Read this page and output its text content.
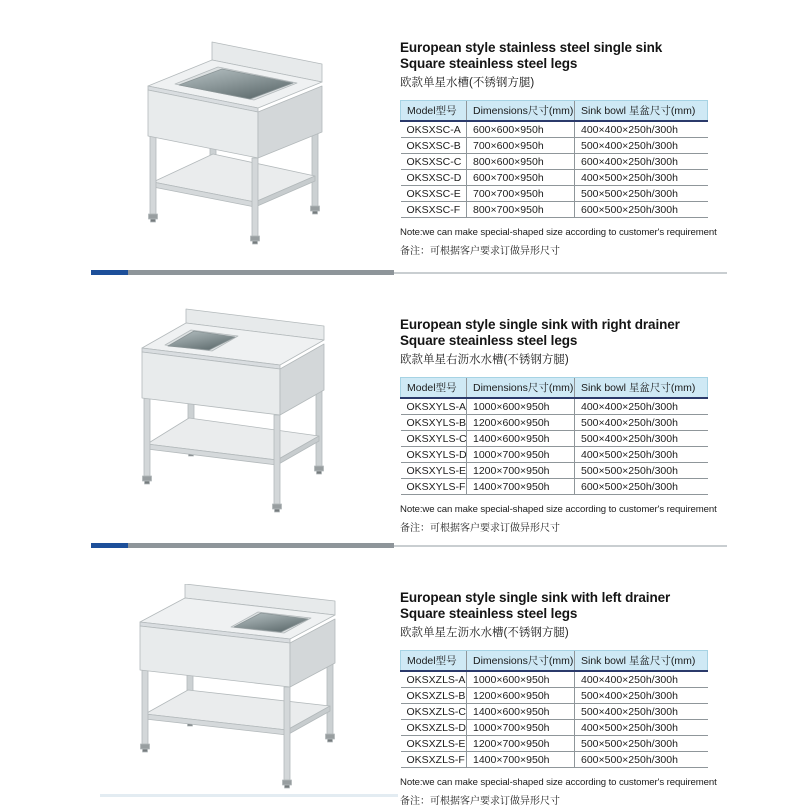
European style stainless steel single sink
Square steainless steel legs
欧款单星水槽(不锈钢方腿)
Model型号	Dimensions尺寸(mm)	Sink bowl 星盆尺寸(mm)
OKSXSC-A	600×600×950h	400×400×250h/300h
OKSXSC-B	700×600×950h	500×400×250h/300h
OKSXSC-C	800×600×950h	600×400×250h/300h
OKSXSC-D	600×700×950h	400×500×250h/300h
OKSXSC-E	700×700×950h	500×500×250h/300h
OKSXSC-F	800×700×950h	600×500×250h/300h
Note:we can make special-shaped size according to customer's requirement
备注：可根据客户要求订做异形尺寸
European style single sink with right drainer
Square steainless steel legs
欧款单星右沥水水槽(不锈钢方腿)
Model型号	Dimensions尺寸(mm)	Sink bowl 星盆尺寸(mm)
OKSXYLS-A	1000×600×950h	400×400×250h/300h
OKSXYLS-B	1200×600×950h	500×400×250h/300h
OKSXYLS-C	1400×600×950h	500×400×250h/300h
OKSXYLS-D	1000×700×950h	400×500×250h/300h
OKSXYLS-E	1200×700×950h	500×500×250h/300h
OKSXYLS-F	1400×700×950h	600×500×250h/300h
Note:we can make special-shaped size according to customer's requirement
备注：可根据客户要求订做异形尺寸
European style single sink with left drainer
Square steainless steel legs
欧款单星左沥水水槽(不锈钢方腿)
Model型号	Dimensions尺寸(mm)	Sink bowl 星盆尺寸(mm)
OKSXZLS-A	1000×600×950h	400×400×250h/300h
OKSXZLS-B	1200×600×950h	500×400×250h/300h
OKSXZLS-C	1400×600×950h	500×400×250h/300h
OKSXZLS-D	1000×700×950h	400×500×250h/300h
OKSXZLS-E	1200×700×950h	500×500×250h/300h
OKSXZLS-F	1400×700×950h	600×500×250h/300h
Note:we can make special-shaped size according to customer's requirement
备注：可根据客户要求订做异形尺寸
